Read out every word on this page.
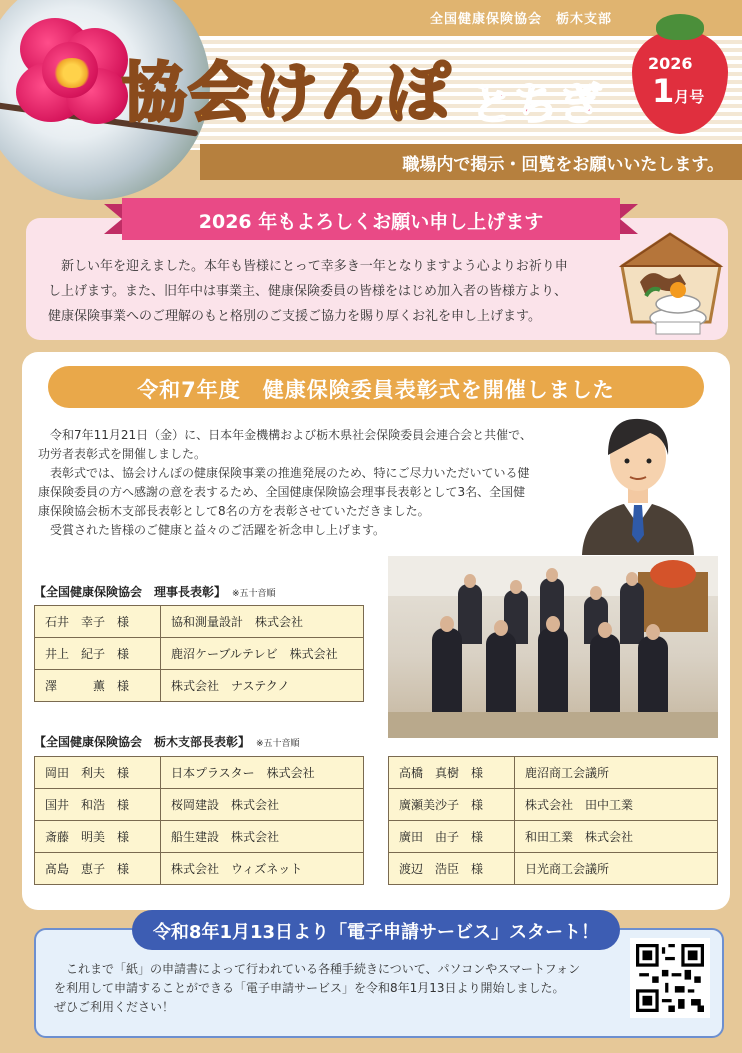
全国健康保険協会　栃木支部
協会けんぽ とちぎ
2026
1月号
職場内で掲示・回覧をお願いいたします。
2026 年もよろしくお願い申し上げます
新しい年を迎えました。本年も皆様にとって幸多き一年となりますよう心よりお祈り申
し上げます。また、旧年中は事業主、健康保険委員の皆様をはじめ加入者の皆様方より、
健康保険事業へのご理解のもと格別のご支援ご協力を賜り厚くお礼を申し上げます。
令和7年度　健康保険委員表彰式を開催しました
令和7年11月21日（金）に、日本年金機構および栃木県社会保険委員会連合会と共催で、
功労者表彰式を開催しました。
表彰式では、協会けんぽの健康保険事業の推進発展のため、特にご尽力いただいている健
康保険委員の方へ感謝の意を表するため、全国健康保険協会理事長表彰として3名、全国健
康保険協会栃木支部長表彰として8名の方を表彰させていただきました。
受賞された皆様のご健康と益々のご活躍を祈念申し上げます。
【全国健康保険協会　理事長表彰】 ※五十音順
石井　幸子　様	協和測量設計　株式会社
井上　紀子　様	鹿沼ケーブルテレビ　株式会社
澤　　　薫　様	株式会社　ナステクノ
【全国健康保険協会　栃木支部長表彰】 ※五十音順
岡田　利夫　様	日本プラスター　株式会社
国井　和浩　様	桜岡建設　株式会社
斎藤　明美　様	船生建設　株式会社
髙島　恵子　様	株式会社　ウィズネット
高橋　真樹　様	鹿沼商工会議所
廣瀬美沙子　様	株式会社　田中工業
廣田　由子　様	和田工業　株式会社
渡辺　浩臣　様	日光商工会議所
令和8年1月13日より「電子申請サービス」スタート！
これまで「紙」の申請書によって行われている各種手続きについて、パソコンやスマートフォン
を利用して申請することができる「電子申請サービス」を令和8年1月13日より開始しました。
ぜひご利用ください！
